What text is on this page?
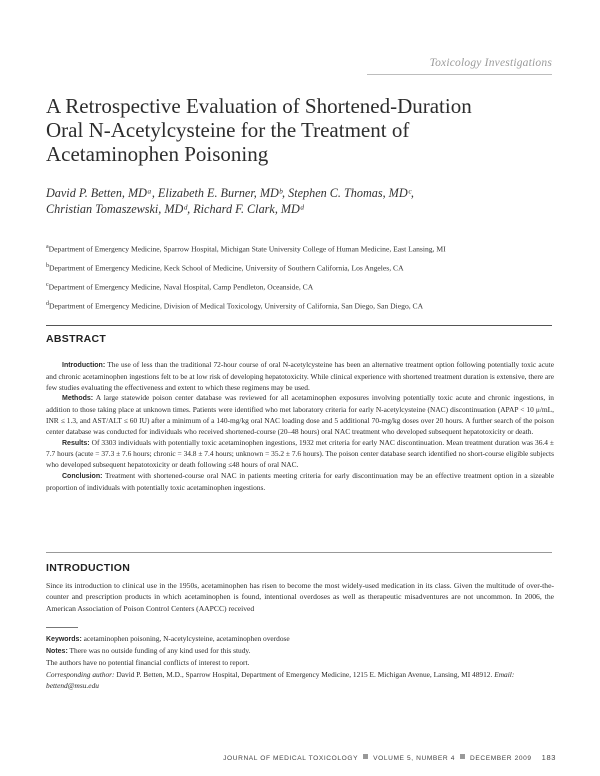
Toxicology Investigations
A Retrospective Evaluation of Shortened-Duration
Oral N-Acetylcysteine for the Treatment of
Acetaminophen Poisoning

David P. Betten, MDᵃ, Elizabeth E. Burner, MDᵇ, Stephen C. Thomas, MDᶜ,
Christian Tomaszewski, MDᵈ, Richard F. Clark, MDᵈ

$^a$Department of Emergency Medicine, Sparrow Hospital, Michigan State University College of Human Medicine, East Lansing, MI
$^b$Department of Emergency Medicine, Keck School of Medicine, University of Southern California, Los Angeles, CA
$^c$Department of Emergency Medicine, Naval Hospital, Camp Pendleton, Oceanside, CA
$^d$Department of Emergency Medicine, Division of Medical Toxicology, University of California, San Diego, San Diego, CA
ABSTRACT

Introduction: The use of less than the traditional 72-hour course of oral N-acetylcysteine has been an alternative treatment option following potentially toxic acute and chronic acetaminophen ingestions felt to be at low risk of developing hepatotoxicity. While clinical experience with shortened treatment duration is extensive, there are few studies evaluating the effectiveness and extent to which these regimens may be used.

Methods: A large statewide poison center database was reviewed for all acetaminophen exposures involving potentially toxic acute and chronic ingestions, in addition to those taking place at unknown times. Patients were identified who met laboratory criteria for early N-acetylcysteine (NAC) discontinuation (APAP < 10 μ/mL, INR ≤ 1.3, and AST/ALT ≤ 60 IU) after a minimum of a 140-mg/kg oral NAC loading dose and 5 additional 70-mg/kg doses over 20 hours. A further search of the poison center database was conducted for individuals who received shortened-course (20–48 hours) oral NAC treatment who developed subsequent hepatotoxicity or death.

Results: Of 3303 individuals with potentially toxic acetaminophen ingestions, 1932 met criteria for early NAC discontinuation. Mean treatment duration was 36.4 ± 7.7 hours (acute = 37.3 ± 7.6 hours; chronic = 34.8 ± 7.4 hours; unknown = 35.2 ± 7.6 hours). The poison center database search identified no short-course eligible subjects who developed subsequent hepatotoxicity or death following ≤48 hours of oral NAC.

Conclusion: Treatment with shortened-course oral NAC in patients meeting criteria for early discontinuation may be an effective treatment option in a sizeable proportion of individuals with potentially toxic acetaminophen ingestions.

INTRODUCTION
Since its introduction to clinical use in the 1950s, acetaminophen has risen to become the most widely-used medication in its class. Given the multitude of over-the-counter and prescription products in which acetaminophen is found, intentional overdoses as well as therapeutic misadventures are not uncommon. In 2006, the American Association of Poison Control Centers (AAPCC) received
Keywords: acetaminophen poisoning, N-acetylcysteine, acetaminophen overdose
Notes: There was no outside funding of any kind used for this study.
The authors have no potential financial conflicts of interest to report.
Corresponding author: David P. Betten, M.D., Sparrow Hospital, Department of Emergency Medicine, 1215 E. Michigan Avenue, Lansing, MI 48912. Email: bettend@msu.edu
JOURNAL OF MEDICAL TOXICOLOGY VOLUME 5, NUMBER 4 DECEMBER 2009 183
